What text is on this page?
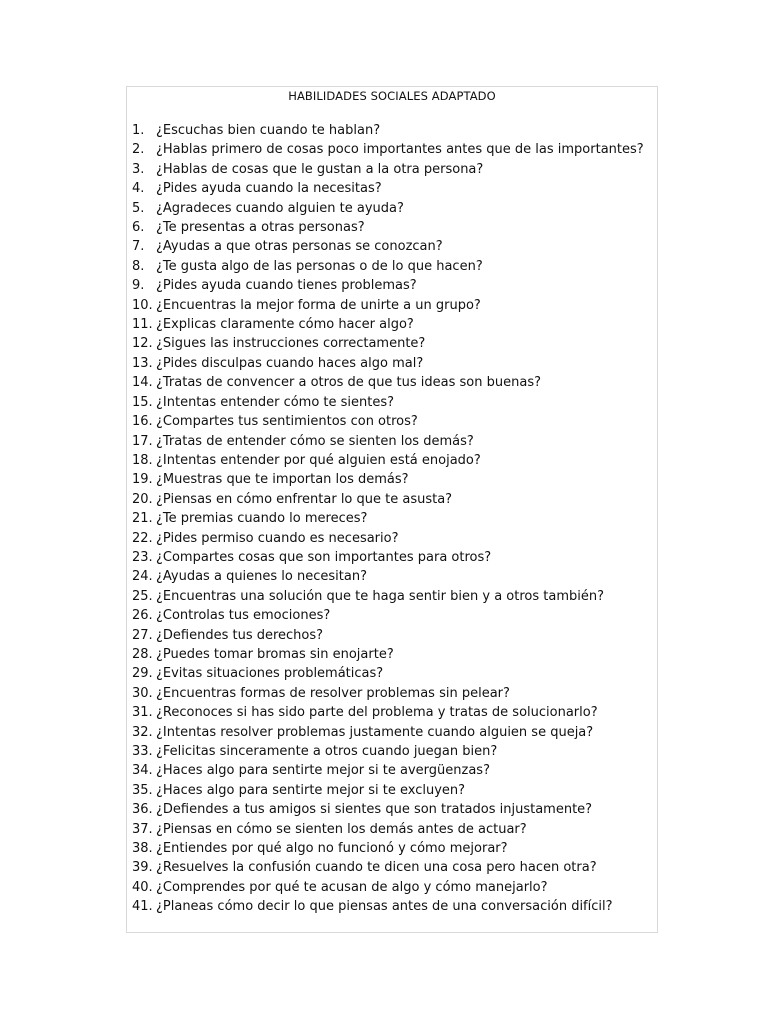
HABILIDADES SOCIALES ADAPTADO
1. ¿Escuchas bien cuando te hablan?
2. ¿Hablas primero de cosas poco importantes antes que de las importantes?
3. ¿Hablas de cosas que le gustan a la otra persona?
4. ¿Pides ayuda cuando la necesitas?
5. ¿Agradeces cuando alguien te ayuda?
6. ¿Te presentas a otras personas?
7. ¿Ayudas a que otras personas se conozcan?
8. ¿Te gusta algo de las personas o de lo que hacen?
9. ¿Pides ayuda cuando tienes problemas?
10. ¿Encuentras la mejor forma de unirte a un grupo?
11. ¿Explicas claramente cómo hacer algo?
12. ¿Sigues las instrucciones correctamente?
13. ¿Pides disculpas cuando haces algo mal?
14. ¿Tratas de convencer a otros de que tus ideas son buenas?
15. ¿Intentas entender cómo te sientes?
16. ¿Compartes tus sentimientos con otros?
17. ¿Tratas de entender cómo se sienten los demás?
18. ¿Intentas entender por qué alguien está enojado?
19. ¿Muestras que te importan los demás?
20. ¿Piensas en cómo enfrentar lo que te asusta?
21. ¿Te premias cuando lo mereces?
22. ¿Pides permiso cuando es necesario?
23. ¿Compartes cosas que son importantes para otros?
24. ¿Ayudas a quienes lo necesitan?
25. ¿Encuentras una solución que te haga sentir bien y a otros también?
26. ¿Controlas tus emociones?
27. ¿Defiendes tus derechos?
28. ¿Puedes tomar bromas sin enojarte?
29. ¿Evitas situaciones problemáticas?
30. ¿Encuentras formas de resolver problemas sin pelear?
31. ¿Reconoces si has sido parte del problema y tratas de solucionarlo?
32. ¿Intentas resolver problemas justamente cuando alguien se queja?
33. ¿Felicitas sinceramente a otros cuando juegan bien?
34. ¿Haces algo para sentirte mejor si te avergüenzas?
35. ¿Haces algo para sentirte mejor si te excluyen?
36. ¿Defiendes a tus amigos si sientes que son tratados injustamente?
37. ¿Piensas en cómo se sienten los demás antes de actuar?
38. ¿Entiendes por qué algo no funcionó y cómo mejorar?
39. ¿Resuelves la confusión cuando te dicen una cosa pero hacen otra?
40. ¿Comprendes por qué te acusan de algo y cómo manejarlo?
41. ¿Planeas cómo decir lo que piensas antes de una conversación difícil?
